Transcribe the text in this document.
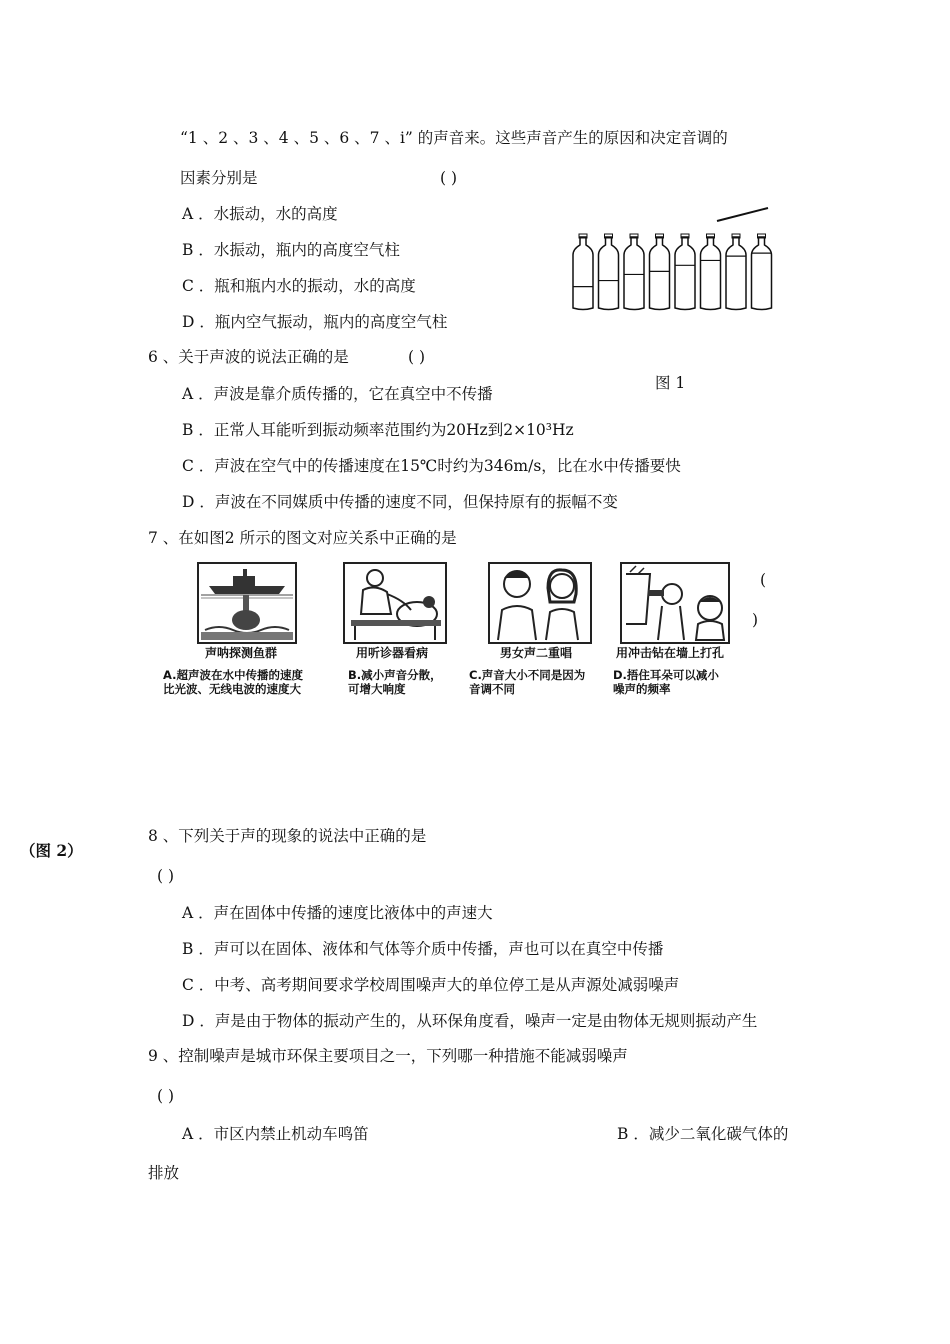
“1 、2 、3 、4 、5 、6 、7 、i” 的声音来。这些声音产生的原因和决定音调的
因素分别是	( )
A ．水振动，水的高度
B ．水振动，瓶内的高度空气柱
C ．瓶和瓶内水的振动，水的高度
D ．瓶内空气振动，瓶内的高度空气柱
图 1
6 、关于声波的说法正确的是	( )
A ．声波是靠介质传播的，它在真空中不传播
B ．正常人耳能听到振动频率范围约为20Hz到2×10³Hz
C ．声波在空气中的传播速度在15℃时约为346m/s，比在水中传播要快
D ．声波在不同媒质中传播的速度不同，但保持原有的振幅不变
7 、在如图2 所示的图文对应关系中正确的是
(
)
声呐探测鱼群
A.超声波在水中传播的速度
比光波、无线电波的速度大
用听诊器看病
B.减小声音分散，
可增大响度
男女声二重唱
C.声音大小不同是因为
音调不同
用冲击钻在墙上打孔
D.捂住耳朵可以减小
噪声的频率
（图 2）
8 、下列关于声的现象的说法中正确的是
( )
A ．声在固体中传播的速度比液体中的声速大
B ．声可以在固体、液体和气体等介质中传播，声也可以在真空中传播
C ．中考、高考期间要求学校周围噪声大的单位停工是从声源处减弱噪声
D ．声是由于物体的振动产生的，从环保角度看，噪声一定是由物体无规则振动产生
9 、控制噪声是城市环保主要项目之一，下列哪一种措施不能减弱噪声
( )
A ．市区内禁止机动车鸣笛	B ．减少二氧化碳气体的
排放
